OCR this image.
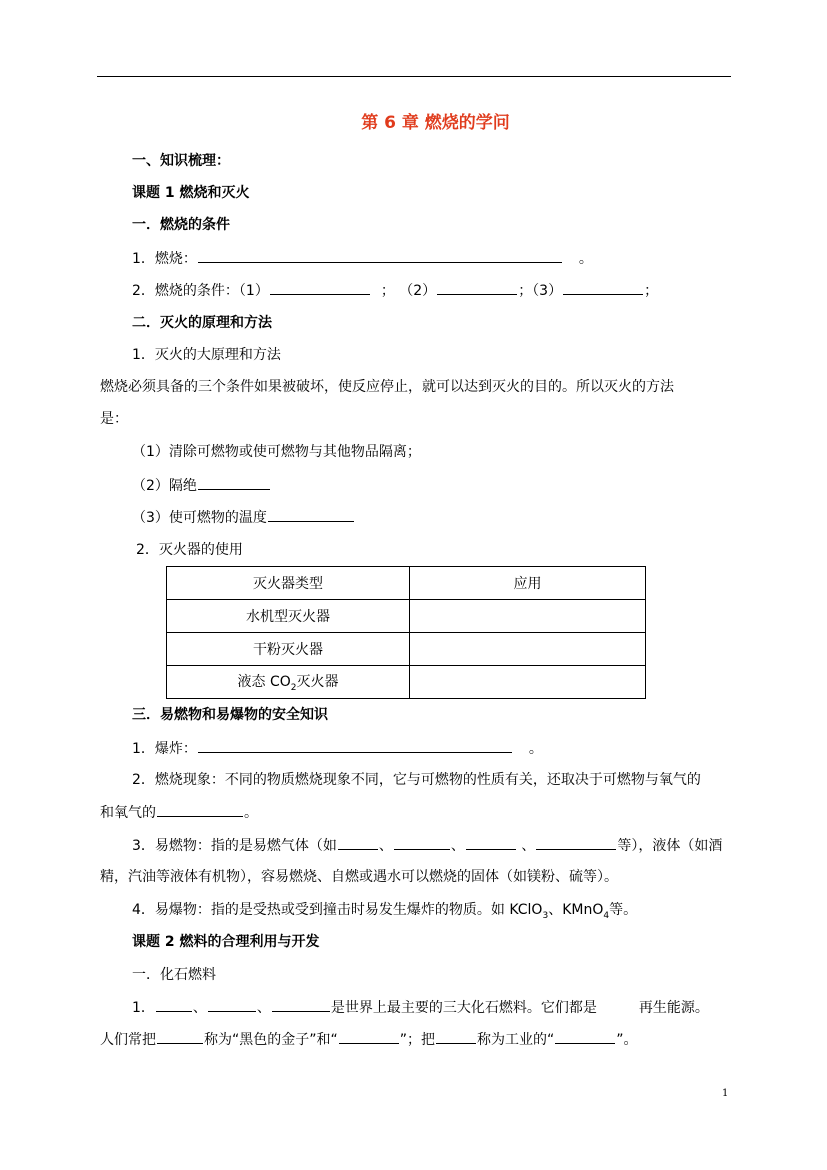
第 6 章 燃烧的学问
一、知识梳理：
课题 1 燃烧和灭火
一．燃烧的条件
1．燃烧：	。
2．燃烧的条件：（1）	； （2）	；（3）	；
二．灭火的原理和方法
1．灭火的大原理和方法
燃烧必须具备的三个条件如果被破坏，使反应停止，就可以达到灭火的目的。所以灭火的方法
是：
（1）清除可燃物或使可燃物与其他物品隔离；
（2）隔绝
（3）使可燃物的温度
2．灭火器的使用
灭火器类型	应用
水机型灭火器	
干粉灭火器	
液态 $CO_2$灭火器	
三．易燃物和易爆物的安全知识
1．爆炸：	。
2．燃烧现象：不同的物质燃烧现象不同，它与可燃物的性质有关，还取决于可燃物与氧气的
和氧气的	。
3．易燃物：指的是易燃气体（如	、	、	、	等），液体（如酒
精，汽油等液体有机物），容易燃烧、自燃或遇水可以燃烧的固体（如镁粉、硫等）。
4．易爆物：指的是受热或受到撞击时易发生爆炸的物质。如 KClO$_3$、KMnO$_4$等。
课题 2 燃料的合理利用与开发
一．化石燃料
1．	、	、	是世界上最主要的三大化石燃料。它们都是	再生能源。
人们常把	称为“黑色的金子”和“	”；把	称为工业的“	”。
1
